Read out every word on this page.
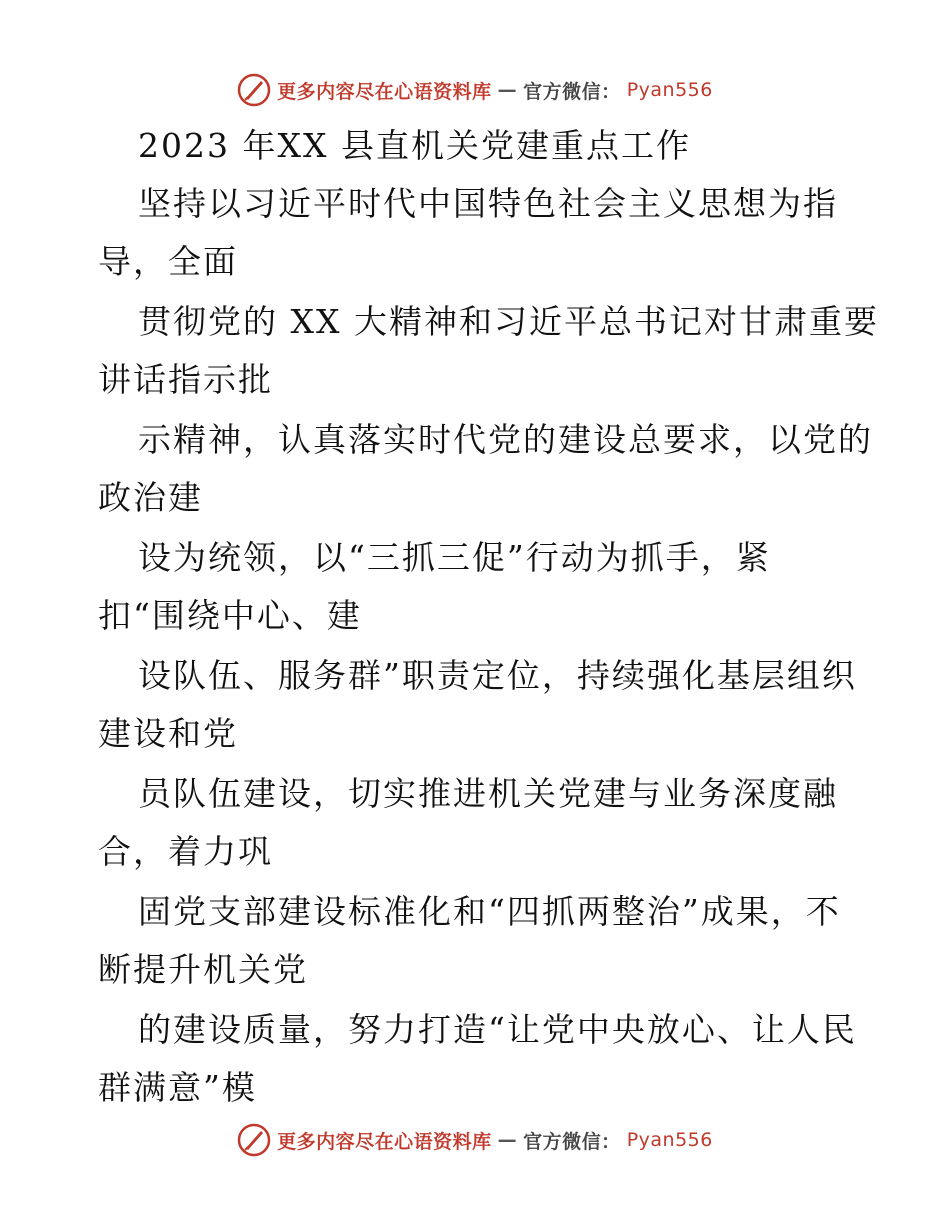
更多内容尽在心语资料库 — 官方微信： Pyan556
2023 年XX 县直机关党建重点工作
坚持以习近平时代中国特色社会主义思想为指
导，全面
贯彻党的 XX 大精神和习近平总书记对甘肃重要
讲话指示批
示精神，认真落实时代党的建设总要求，以党的
政治建
设为统领，以“三抓三促”行动为抓手，紧
扣“围绕中心、建
设队伍、服务群”职责定位，持续强化基层组织
建设和党
员队伍建设，切实推进机关党建与业务深度融
合，着力巩
固党支部建设标准化和“四抓两整治”成果，不
断提升机关党
的建设质量，努力打造“让党中央放心、让人民
群满意”模
更多内容尽在心语资料库 — 官方微信： Pyan556
